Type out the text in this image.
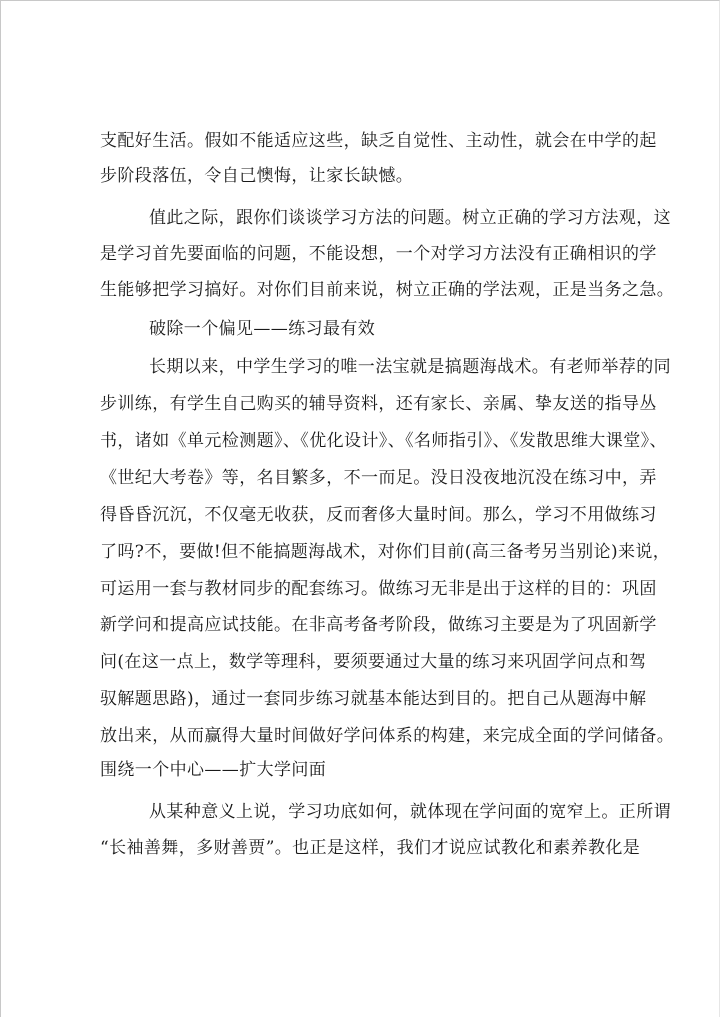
支配好生活。假如不能适应这些，缺乏自觉性、主动性，就会在中学的起
步阶段落伍，令自己懊悔，让家长缺憾。
值此之际，跟你们谈谈学习方法的问题。树立正确的学习方法观，这
是学习首先要面临的问题，不能设想，一个对学习方法没有正确相识的学
生能够把学习搞好。对你们目前来说，树立正确的学法观，正是当务之急。
破除一个偏见——练习最有效
长期以来，中学生学习的唯一法宝就是搞题海战术。有老师举荐的同
步训练，有学生自己购买的辅导资料，还有家长、亲属、挚友送的指导丛
书，诸如《单元检测题》、《优化设计》、《名师指引》、《发散思维大课堂》、
《世纪大考卷》等，名目繁多，不一而足。没日没夜地沉没在练习中，弄
得昏昏沉沉，不仅毫无收获，反而奢侈大量时间。那么，学习不用做练习
了吗?不，要做!但不能搞题海战术，对你们目前(高三备考另当别论)来说，
可运用一套与教材同步的配套练习。做练习无非是出于这样的目的：巩固
新学问和提高应试技能。在非高考备考阶段，做练习主要是为了巩固新学
问(在这一点上，数学等理科，要须要通过大量的练习来巩固学问点和驾
驭解题思路)，通过一套同步练习就基本能达到目的。把自己从题海中解
放出来，从而赢得大量时间做好学问体系的构建，来完成全面的学问储备。
围绕一个中心——扩大学问面
从某种意义上说，学习功底如何，就体现在学问面的宽窄上。正所谓
“长袖善舞，多财善贾”。也正是这样，我们才说应试教化和素养教化是
